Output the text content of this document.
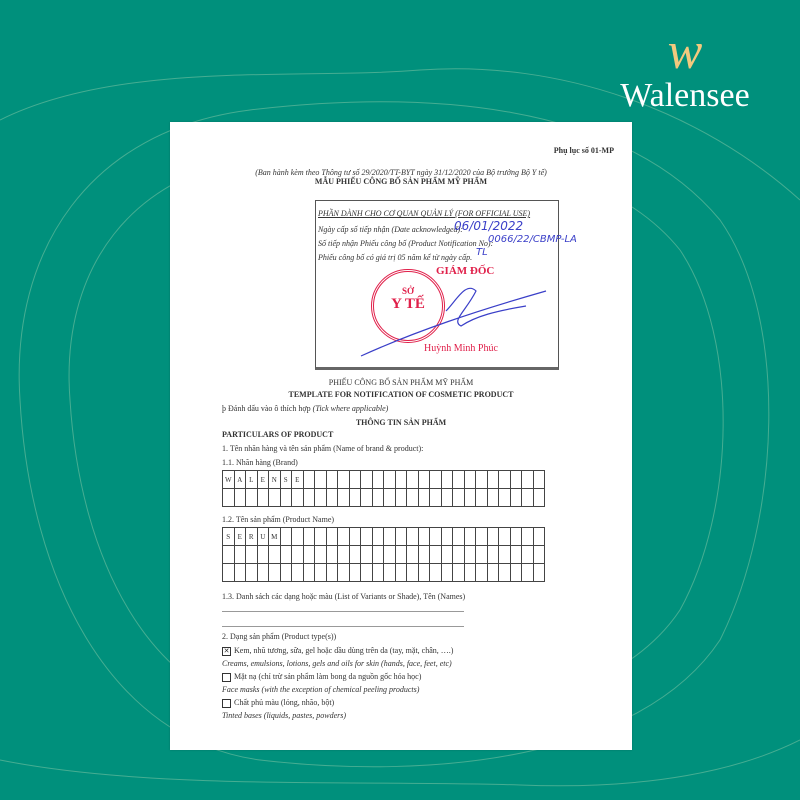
w
Walensee
Phụ lục số 01-MP
(Ban hành kèm theo Thông tư số 29/2020/TT-BYT ngày 31/12/2020 của Bộ trưởng Bộ Y tế)
MẪU PHIẾU CÔNG BỐ SẢN PHẨM MỸ PHẨM
PHẦN DÀNH CHO CƠ QUAN QUẢN LÝ (FOR OFFICIAL USE)
Ngày cấp số tiếp nhận (Date acknowledged):
06/01/2022
Số tiếp nhận Phiếu công bố (Product Notification No):
0066/22/CBMP-LA
Phiếu công bố có giá trị 05 năm kể từ ngày cấp. TL
GIÁM ĐỐC
SỞ
Y TẾ
Huỳnh Minh Phúc
PHIẾU CÔNG BỐ SẢN PHẨM MỸ PHẨM
TEMPLATE FOR NOTIFICATION OF COSMETIC PRODUCT
þ Đánh dấu vào ô thích hợp (Tick where applicable)
THÔNG TIN SẢN PHẨM
PARTICULARS OF PRODUCT
1. Tên nhãn hàng và tên sản phẩm (Name of brand & product):
1.1. Nhãn hàng (Brand)
W	A	L	E	N	S	E																					

1.2. Tên sản phẩm (Product Name)
S	E	R	U	M																							

1.3. Danh sách các dạng hoặc màu (List of Variants or Shade), Tên (Names)
2. Dạng sản phẩm (Product type(s))
✕ Kem, nhũ tương, sữa, gel hoặc dầu dùng trên da (tay, mặt, chân, ….)
Creams, emulsions, lotions, gels and oils for skin (hands, face, feet, etc)
Mặt nạ (chỉ trừ sản phẩm làm bong da nguồn gốc hóa học)
Face masks (with the exception of chemical peeling products)
Chất phủ màu (lỏng, nhão, bột)
Tinted bases (liquids, pastes, powders)
